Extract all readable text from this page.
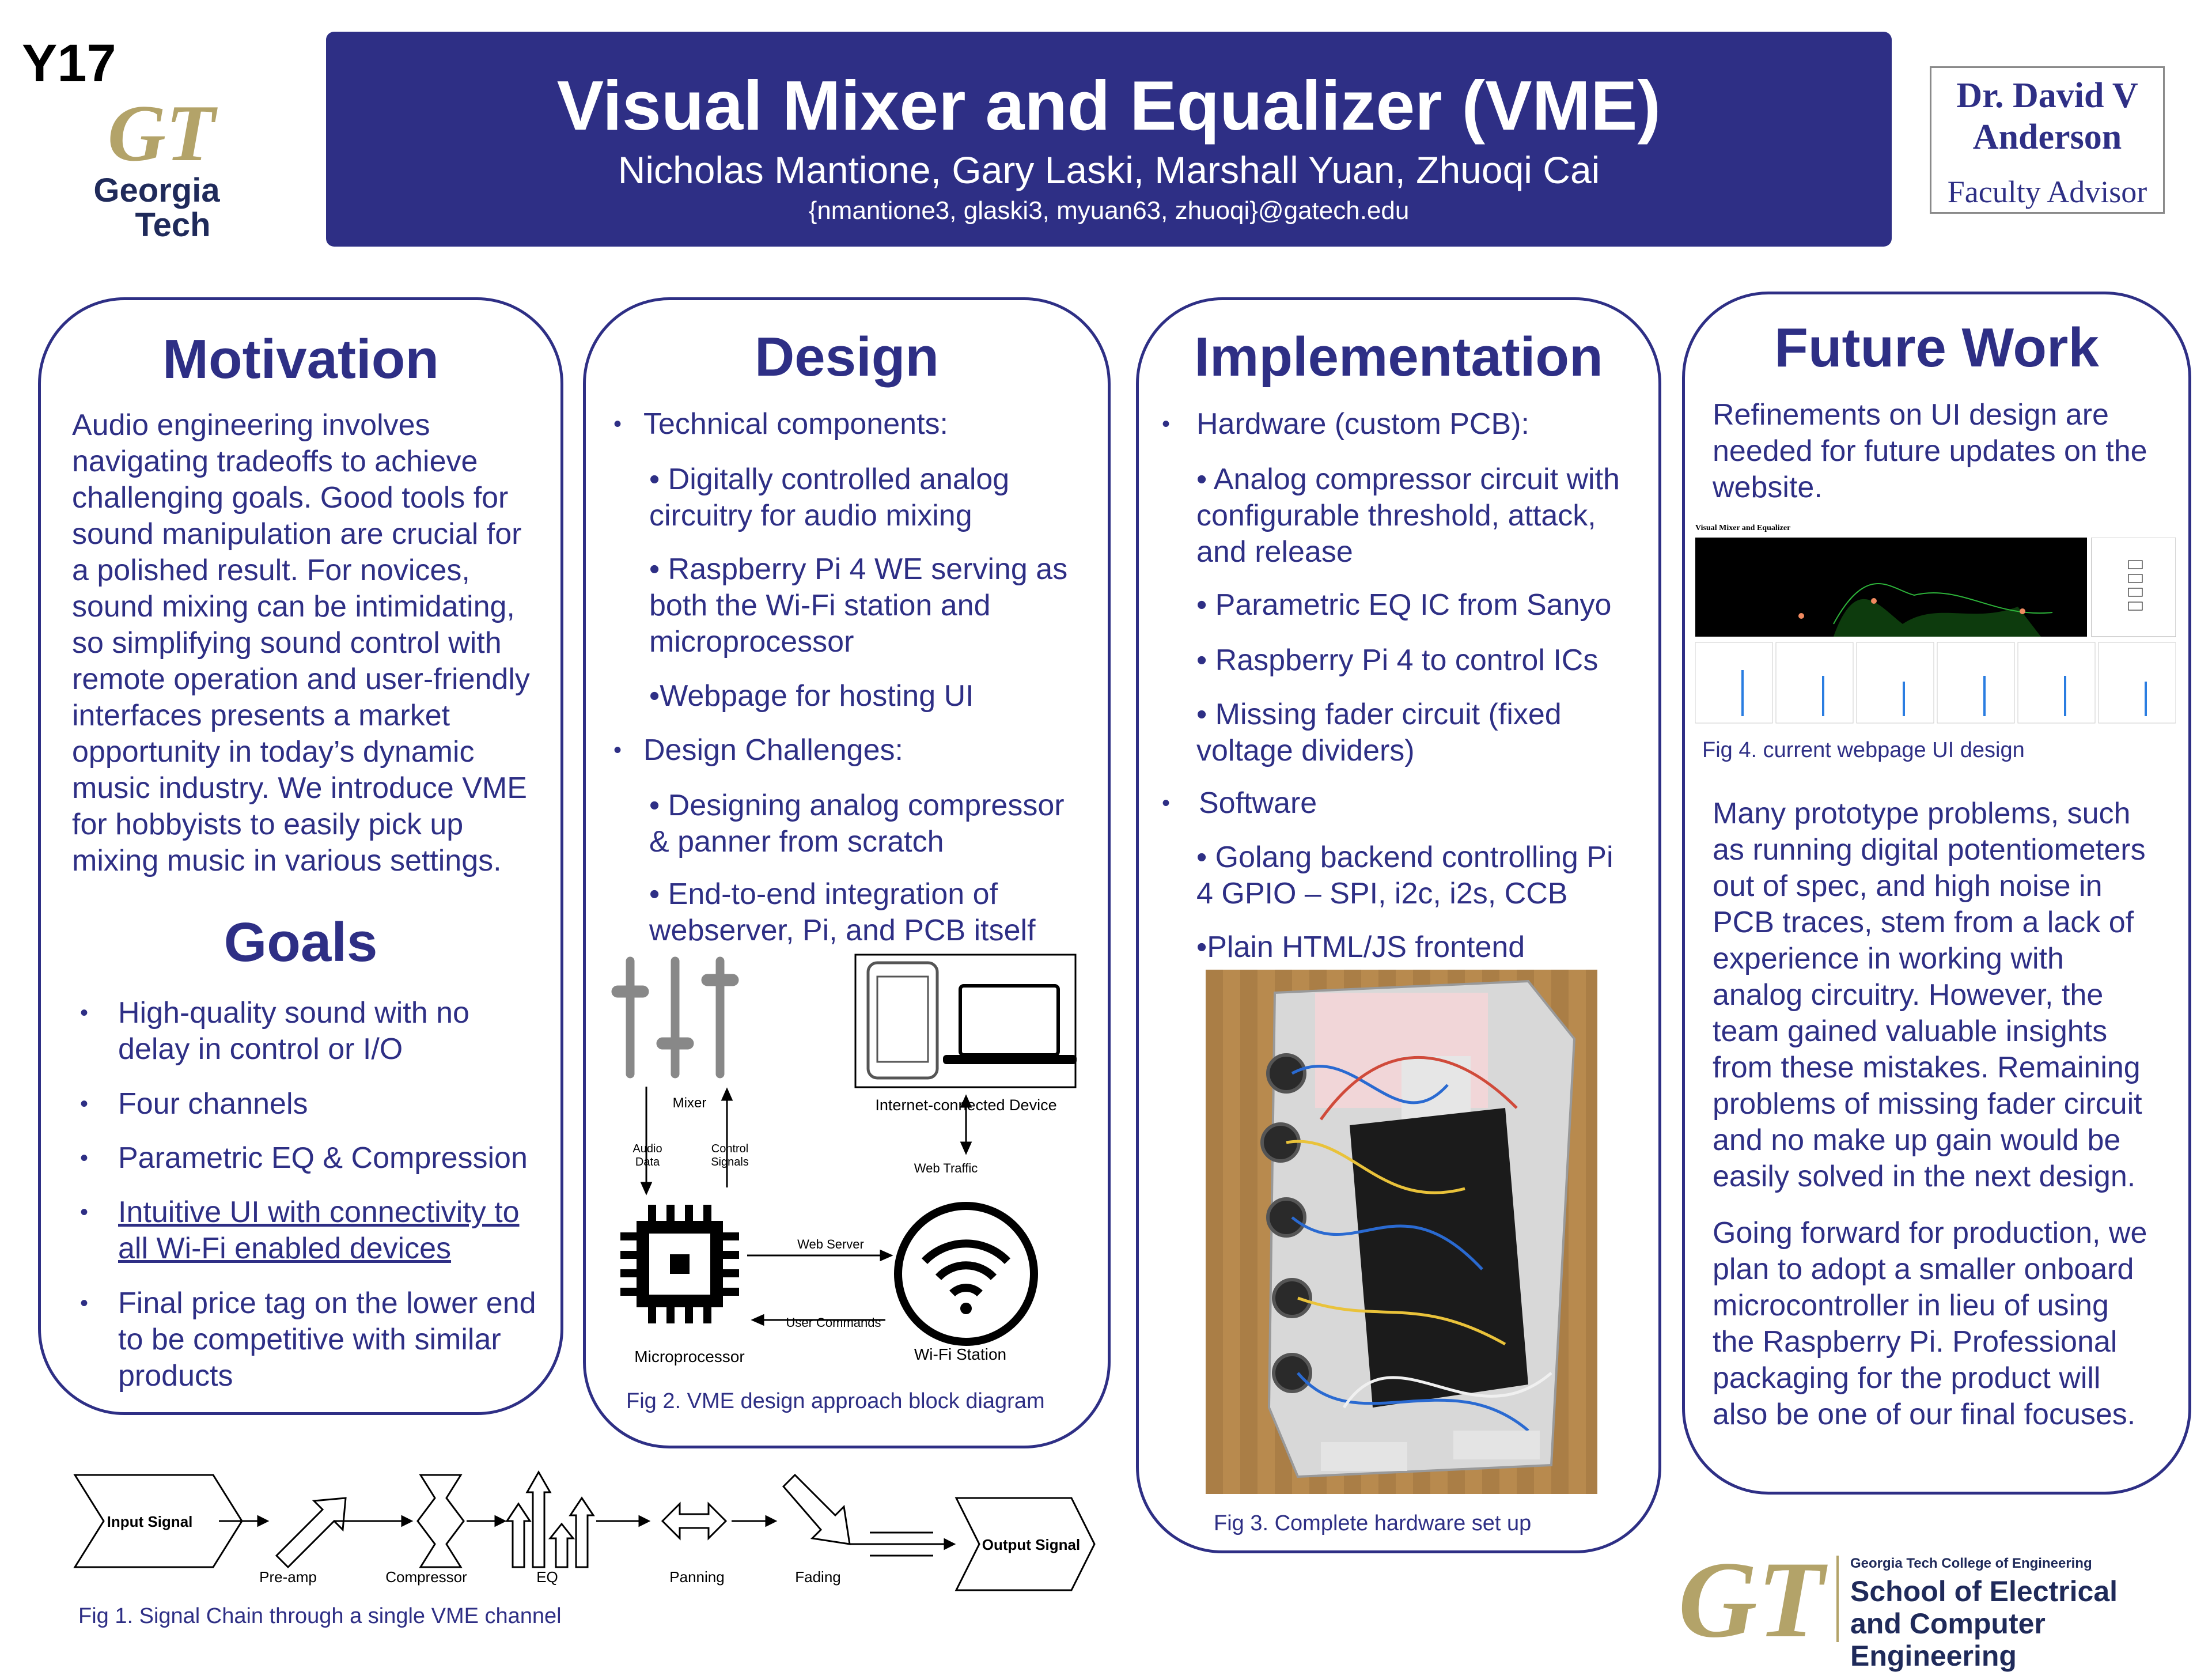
Y17
GT
Georgia
Tech
Visual Mixer and Equalizer (VME)
Nicholas Mantione, Gary Laski, Marshall Yuan, Zhuoqi Cai
{nmantione3, glaski3, myuan63, zhuoqi}@gatech.edu
Dr. David V
Anderson
Faculty Advisor
Motivation
Audio engineering involves
navigating tradeoffs to achieve
challenging goals. Good tools for
sound manipulation are crucial for
a polished result. For novices,
sound mixing can be intimidating,
so simplifying sound control with
remote operation and user-friendly
interfaces presents a market
opportunity in today’s dynamic
music industry. We introduce VME
for hobbyists to easily pick up
mixing music in various settings.
Goals
• High-quality sound with no
delay in control or I/O
• Four channels
• Parametric EQ & Compression
• Intuitive UI with connectivity to
all Wi-Fi enabled devices
• Final price tag on the lower end
to be competitive with similar
products
Design
• Technical components:
• Digitally controlled analog
circuitry for audio mixing
• Raspberry Pi 4 WE serving as
both the Wi-Fi station and
microprocessor
•Webpage for hosting UI
• Design Challenges:
• Designing analog compressor
& panner from scratch
• End-to-end integration of
webserver, Pi, and PCB itself
Mixer
Audio Data
Control Signals
Internet-connected Device
Web Traffic
Web Server
User Commands
Microprocessor	Wi-Fi Station
Fig 2. VME design approach block diagram
Implementation
• Hardware (custom PCB):
• Analog compressor circuit with
configurable threshold, attack,
and release
• Parametric EQ IC from Sanyo
• Raspberry Pi 4 to control ICs
• Missing fader circuit (fixed
voltage dividers)
• Software
• Golang backend controlling Pi
4 GPIO – SPI, i2c, i2s, CCB
•Plain HTML/JS frontend
Fig 3. Complete hardware set up
Future Work
Refinements on UI design are
needed for future updates on the
website.
Visual Mixer and Equalizer
Fig 4. current webpage UI design
Many prototype problems, such
as running digital potentiometers
out of spec, and high noise in
PCB traces, stem from a lack of
experience in working with
analog circuitry. However, the
team gained valuable insights
from these mistakes. Remaining
problems of missing fader circuit
and no make up gain would be
easily solved in the next design.
Going forward for production, we
plan to adopt a smaller onboard
microcontroller in lieu of using
the Raspberry Pi. Professional
packaging for the product will
also be one of our final focuses.
Input Signal
Pre-amp	Compressor	EQ	Panning	Fading
Output Signal
Fig 1. Signal Chain through a single VME channel	GT Georgia Tech College of Engineering
School of Electrical
and Computer Engineering
